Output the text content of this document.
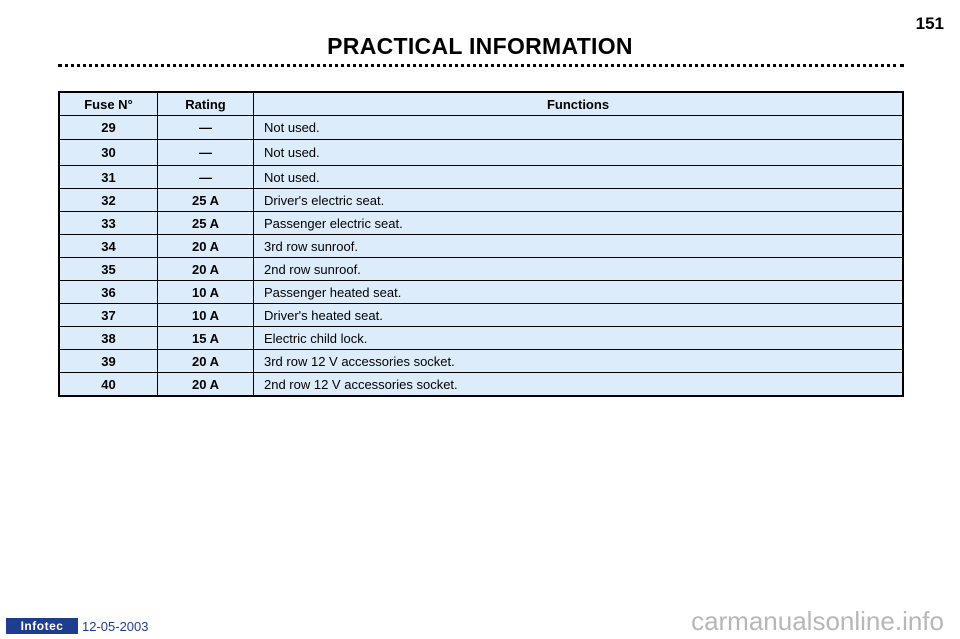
151
PRACTICAL INFORMATION
Fuse N°	Rating	Functions
29	—	Not used.
30	—	Not used.
31	—	Not used.
32	25 A	Driver's electric seat.
33	25 A	Passenger electric seat.
34	20 A	3rd row sunroof.
35	20 A	2nd row sunroof.
36	10 A	Passenger heated seat.
37	10 A	Driver's heated seat.
38	15 A	Electric child lock.
39	20 A	3rd row 12 V accessories socket.
40	20 A	2nd row 12 V accessories socket.
Infotec	12-05-2003	carmanualsonline.info
